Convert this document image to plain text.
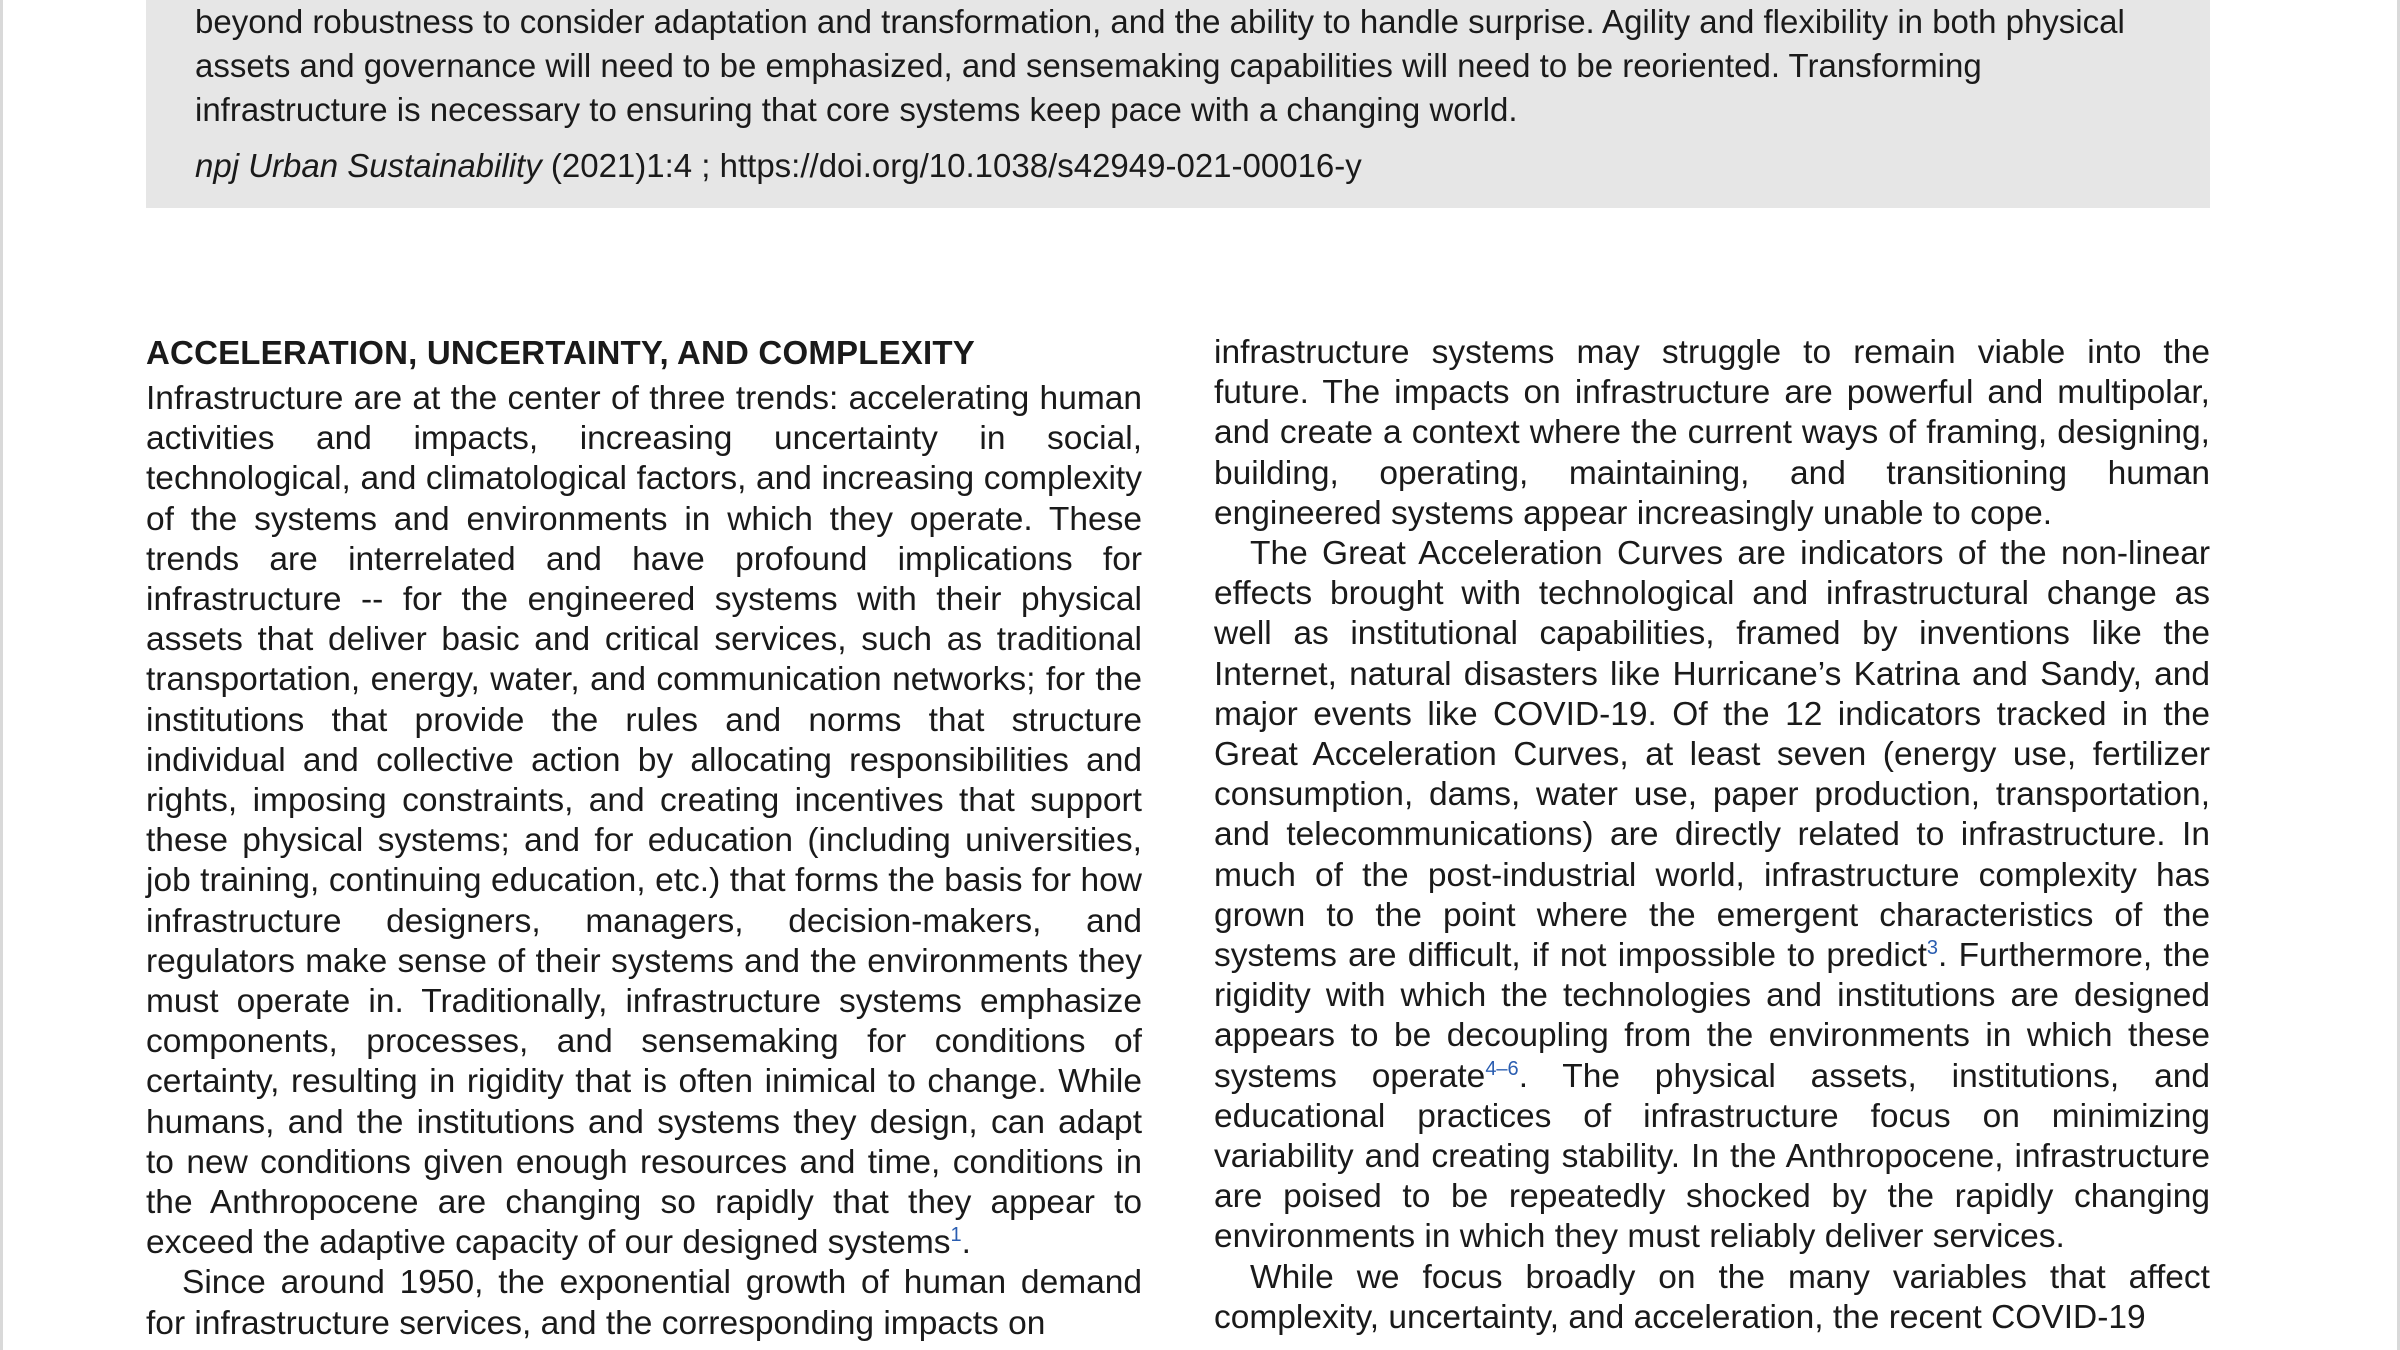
beyond robustness to consider adaptation and transformation, and the ability to handle surprise. Agility and flexibility in both physical assets and governance will need to be emphasized, and sensemaking capabilities will need to be reoriented. Transforming infrastructure is necessary to ensuring that core systems keep pace with a changing world.

npj Urban Sustainability (2021)1:4 ; https://doi.org/10.1038/s42949-021-00016-y
ACCELERATION, UNCERTAINTY, AND COMPLEXITY

Infrastructure are at the center of three trends: accelerating human activities and impacts, increasing uncertainty in social, technological, and climatological factors, and increasing complexity of the systems and environments in which they operate. These trends are interrelated and have profound implications for infrastructure -- for the engineered systems with their physical assets that deliver basic and critical services, such as traditional transportation, energy, water, and communication networks; for the institutions that provide the rules and norms that structure individual and collective action by allocating responsibilities and rights, imposing constraints, and creating incentives that support these physical systems; and for education (including universities, job training, continuing education, etc.) that forms the basis for how infrastructure designers, managers, decision-makers, and regulators make sense of their systems and the environments they must operate in. Traditionally, infrastructure systems emphasize components, processes, and sensemaking for conditions of certainty, resulting in rigidity that is often inimical to change. While humans, and the institutions and systems they design, can adapt to new conditions given enough resources and time, conditions in the Anthropocene are changing so rapidly that they appear to exceed the adaptive capacity of our designed systems$^1$.

Since around 1950, the exponential growth of human demand for infrastructure services, and the corresponding impacts on

infrastructure systems may struggle to remain viable into the future. The impacts on infrastructure are powerful and multipolar, and create a context where the current ways of framing, designing, building, operating, maintaining, and transitioning human engineered systems appear increasingly unable to cope.

The Great Acceleration Curves are indicators of the non-linear effects brought with technological and infrastructural change as well as institutional capabilities, framed by inventions like the Internet, natural disasters like Hurricane’s Katrina and Sandy, and major events like COVID-19. Of the 12 indicators tracked in the Great Acceleration Curves, at least seven (energy use, fertilizer consumption, dams, water use, paper production, transportation, and telecommunications) are directly related to infrastructure. In much of the post-industrial world, infrastructure complexity has grown to the point where the emergent characteristics of the systems are difficult, if not impossible to predict$^3$. Furthermore, the rigidity with which the technologies and institutions are designed appears to be decoupling from the environments in which these systems operate$^{4-6}$. The physical assets, institutions, and educational practices of infrastructure focus on minimizing variability and creating stability. In the Anthropocene, infrastructure are poised to be repeatedly shocked by the rapidly changing environments in which they must reliably deliver services.

While we focus broadly on the many variables that affect complexity, uncertainty, and acceleration, the recent COVID-19
